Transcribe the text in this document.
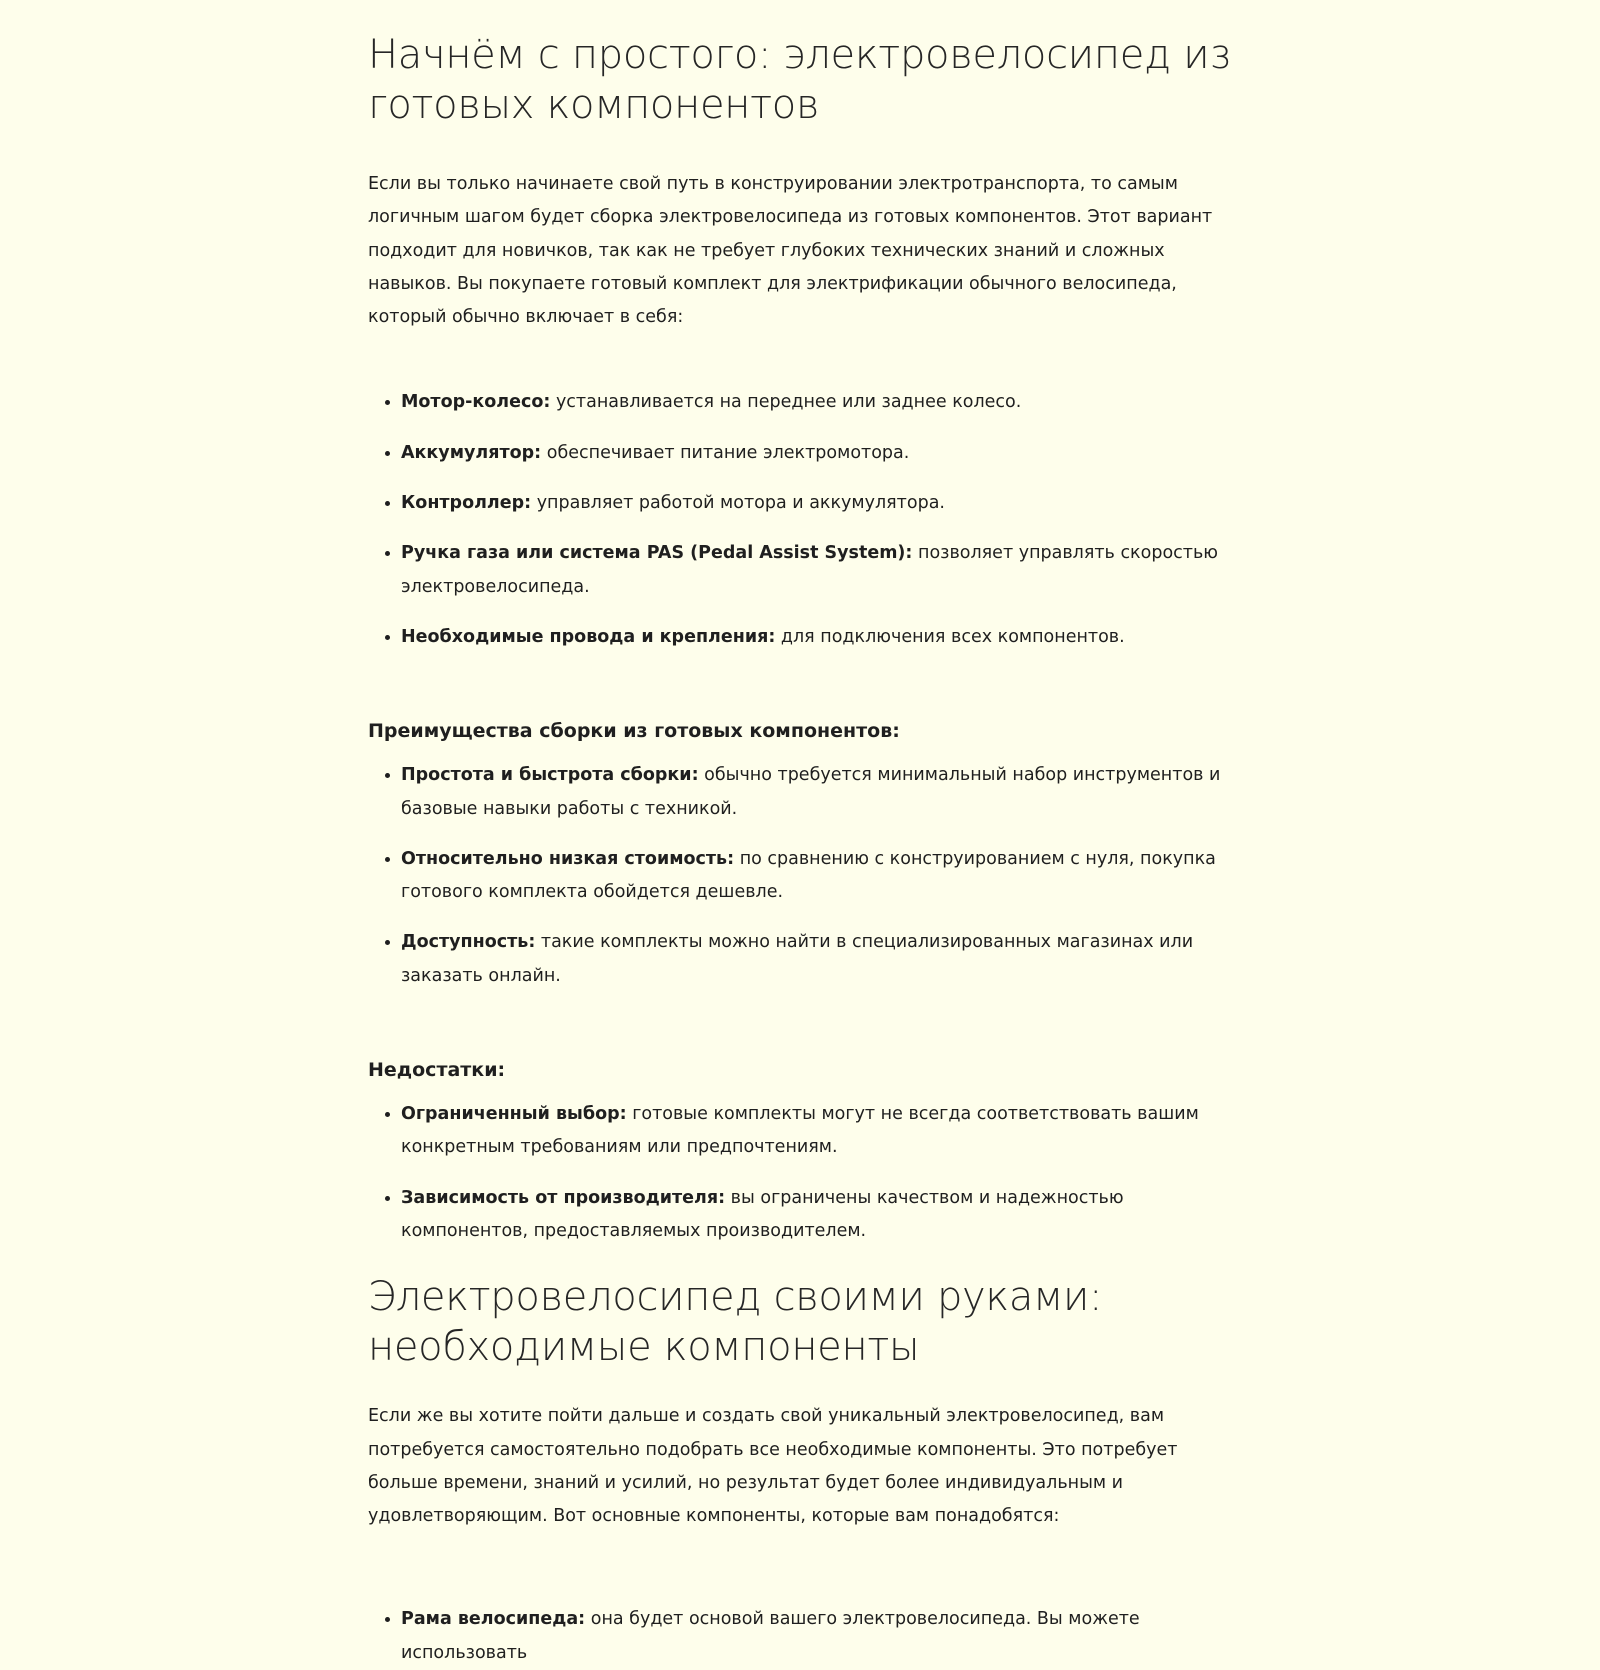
Начнём с простого: электровелосипед из готовых компонентов

Если вы только начинаете свой путь в конструировании электротранспорта, то самым логичным шагом будет сборка электровелосипеда из готовых компонентов. Этот вариант подходит для новичков, так как не требует глубоких технических знаний и сложных навыков. Вы покупаете готовый комплект для электрификации обычного велосипеда, который обычно включает в себя:

• Мотор-колесо: устанавливается на переднее или заднее колесо.
• Аккумулятор: обеспечивает питание электромотора.
• Контроллер: управляет работой мотора и аккумулятора.
• Ручка газа или система PAS (Pedal Assist System): позволяет управлять скоростью электровелосипеда.
• Необходимые провода и крепления: для подключения всех компонентов.

Преимущества сборки из готовых компонентов:

• Простота и быстрота сборки: обычно требуется минимальный набор инструментов и базовые навыки работы с техникой.
• Относительно низкая стоимость: по сравнению с конструированием с нуля, покупка готового комплекта обойдется дешевле.
• Доступность: такие комплекты можно найти в специализированных магазинах или заказать онлайн.

Недостатки:

• Ограниченный выбор: готовые комплекты могут не всегда соответствовать вашим конкретным требованиям или предпочтениям.
• Зависимость от производителя: вы ограничены качеством и надежностью компонентов, предоставляемых производителем.
Электровелосипед своими руками: необходимые компоненты

Если же вы хотите пойти дальше и создать свой уникальный электровелосипед, вам потребуется самостоятельно подобрать все необходимые компоненты. Это потребует больше времени, знаний и усилий, но результат будет более индивидуальным и удовлетворяющим. Вот основные компоненты, которые вам понадобятся:

• Рама велосипеда: она будет основой вашего электровелосипеда. Вы можете использовать
